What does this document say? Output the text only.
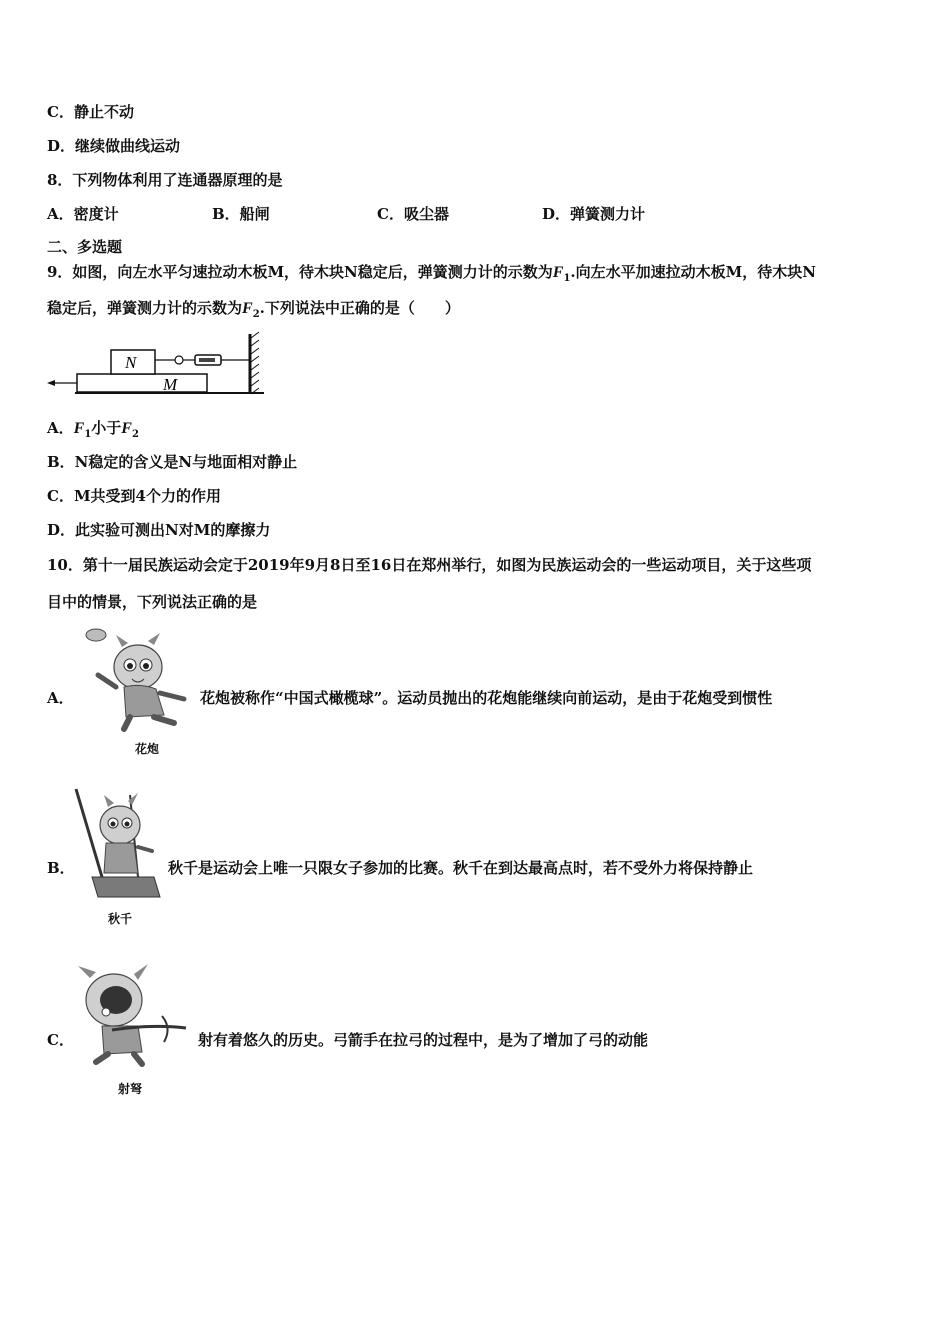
C．静止不动
D．继续做曲线运动
8．下列物体利用了连通器原理的是
A．密度计	B．船闸	C．吸尘器	D．弹簧测力计
二、多选题
9．如图，向左水平匀速拉动木板M，待木块N稳定后，弹簧测力计的示数为$F_1$.向左水平加速拉动木板M，待木块N
稳定后，弹簧测力计的示数为$F_2$.下列说法中正确的是（　　）
M
N
A．$F_1$小于$F_2$
B．N稳定的含义是N与地面相对静止
C．M共受到4个力的作用
D．此实验可测出N对M的摩擦力
10．第十一届民族运动会定于2019年9月8日至16日在郑州举行，如图为民族运动会的一些运动项目，关于这些项
目中的情景，下列说法正确的是
A．
花炮
花炮被称作“中国式橄榄球”。运动员抛出的花炮能继续向前运动，是由于花炮受到惯性
B．
秋千
秋千是运动会上唯一只限女子参加的比赛。秋千在到达最高点时，若不受外力将保持静止
C．
射弩
射有着悠久的历史。弓箭手在拉弓的过程中，是为了增加了弓的动能
